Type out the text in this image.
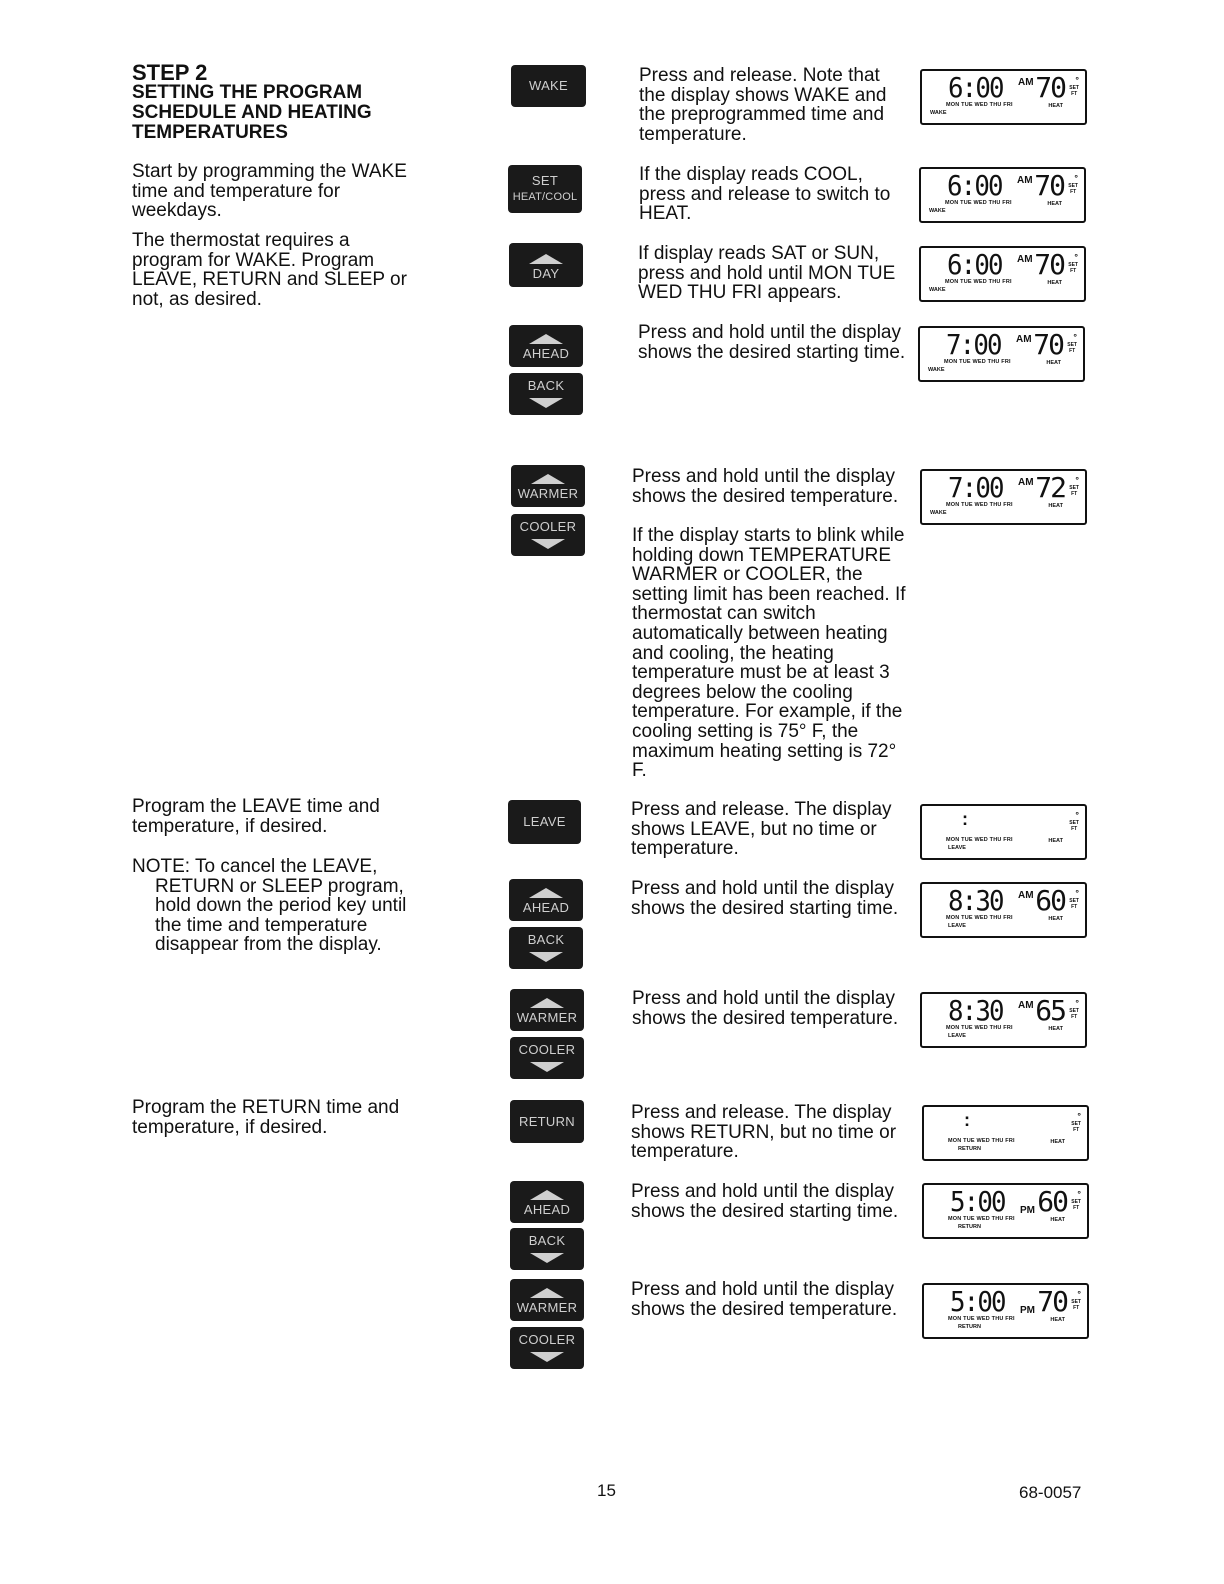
STEP 2
SETTING THE PROGRAM
SCHEDULE AND HEATING
TEMPERATURES
Start by programming the WAKE time and temperature for weekdays.
The thermostat requires a program for WAKE. Program LEAVE, RETURN and SLEEP or not, as desired.
Program the LEAVE time and temperature, if desired.
NOTE: To cancel the LEAVE, RETURN or SLEEP program, hold down the period key until the time and temperature disappear from the display.
Program the RETURN time and temperature, if desired.
WAKE
SET
HEAT/COOL
DAY
AHEAD
BACK
WARMER
COOLER
LEAVE
AHEAD
BACK
WARMER
COOLER
RETURN
AHEAD
BACK
WARMER
COOLER
Press and release. Note that the display shows WAKE and the preprogrammed time and temperature.
If the display reads COOL, press and release to switch to HEAT.
If display reads SAT or SUN, press and hold until MON TUE WED THU FRI appears.
Press and hold until the display shows the desired starting time.
Press and hold until the display shows the desired temperature.
If the display starts to blink while holding down TEMPERATURE WARMER or COOLER, the setting limit has been reached. If thermostat can switch automatically between heating and cooling, the heating temperature must be at least 3 degrees below the cooling temperature. For example, if the cooling setting is 75° F, the maximum heating setting is 72° F.
Press and release. The display shows LEAVE, but no time or temperature.
Press and hold until the display shows the desired starting time.
Press and hold until the display shows the desired temperature.
Press and release. The display shows RETURN, but no time or temperature.
Press and hold until the display shows the desired starting time.
Press and hold until the display shows the desired temperature.
6:00 AM 70 °
SET
FT
MON TUE WED THU FRI
WAKE
HEAT
6:00 AM 70 °
SET
FT
MON TUE WED THU FRI
WAKE
HEAT
6:00 AM 70 °
SET
FT
MON TUE WED THU FRI
WAKE
HEAT
7:00 AM 70 °
SET
FT
MON TUE WED THU FRI
WAKE
HEAT
7:00 AM 72 °
SET
FT
MON TUE WED THU FRI
WAKE
HEAT
:	°
SET
FT
MON TUE WED THU FRI
LEAVE
HEAT
8:30 AM 60 °
SET
FT
MON TUE WED THU FRI
LEAVE
HEAT
8:30 AM 65 °
SET
FT
MON TUE WED THU FRI
LEAVE
HEAT
:	°
SET
FT
MON TUE WED THU FRI
RETURN
HEAT
5:00 PM 60 °
SET
FT
MON TUE WED THU FRI
RETURN
HEAT
5:00 PM 70 °
SET
FT
MON TUE WED THU FRI
RETURN
HEAT
15	68-0057
